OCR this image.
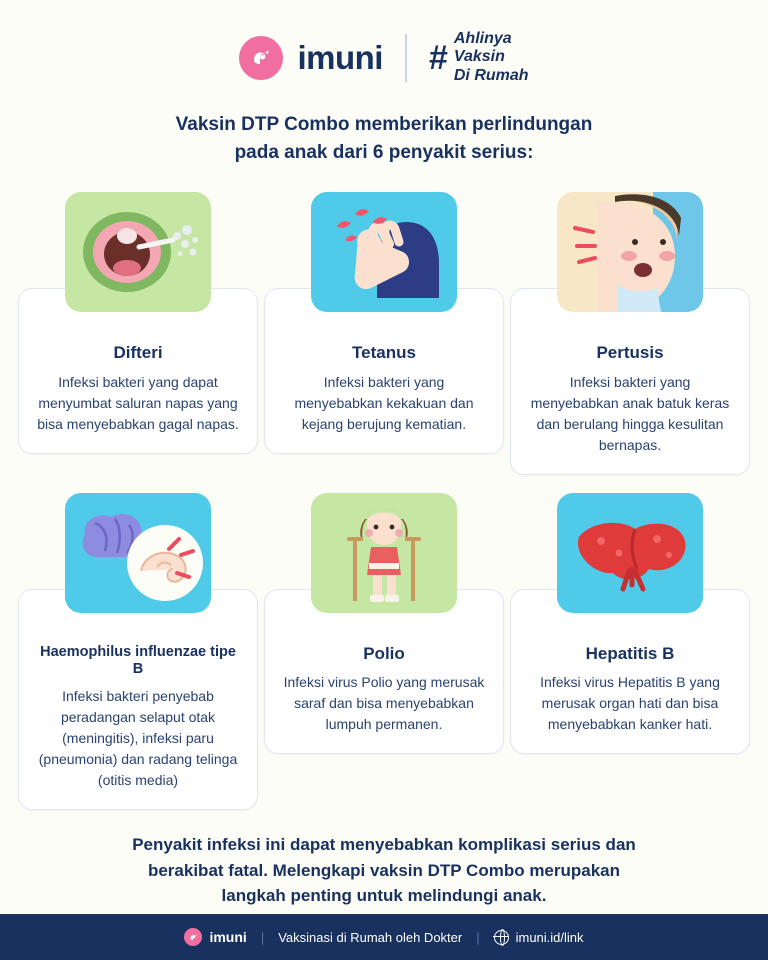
imuni #
Ahlinya
Vaksin
Di Rumah
Vaksin DTP Combo memberikan perlindungan
pada anak dari 6 penyakit serius:
Difteri
Infeksi bakteri yang dapat menyumbat saluran napas yang bisa menyebabkan gagal napas.
Tetanus
Infeksi bakteri yang menyebabkan kekakuan dan kejang berujung kematian.
Pertusis
Infeksi bakteri yang menyebabkan anak batuk keras dan berulang hingga kesulitan bernapas.
Haemophilus influenzae tipe B
Infeksi bakteri penyebab peradangan selaput otak (meningitis), infeksi paru (pneumonia) dan radang telinga (otitis media)
Polio
Infeksi virus Polio yang merusak saraf dan bisa menyebabkan lumpuh permanen.
Hepatitis B
Infeksi virus Hepatitis B yang merusak organ hati dan bisa menyebabkan kanker hati.
Penyakit infeksi ini dapat menyebabkan komplikasi serius dan
berakibat fatal. Melengkapi vaksin DTP Combo merupakan
langkah penting untuk melindungi anak.
imuni | Vaksinasi di Rumah oleh Dokter |	imuni.id/link
